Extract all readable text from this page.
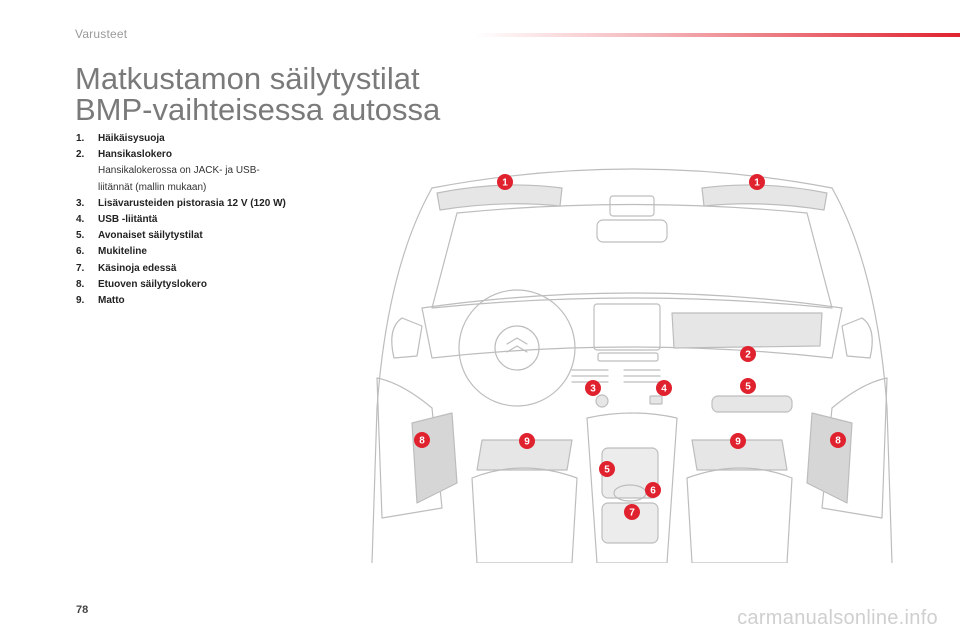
Varusteet
Matkustamon säilytystilat
BMP-vaihteisessa autossa
1. Häikäisysuoja
2. Hansikaslokero
Hansikalokerossa on JACK- ja USB-
liitännät (mallin mukaan)
3. Lisävarusteiden pistorasia 12 V (120 W)
4. USB -liitäntä
5. Avonaiset säilytystilat
6. Mukiteline
7. Käsinoja edessä
8. Etuoven säilytyslokero
9. Matto
1	1
2
3	4	5
5
6
7
8	8
9	9
78	carmanualsonline.info
